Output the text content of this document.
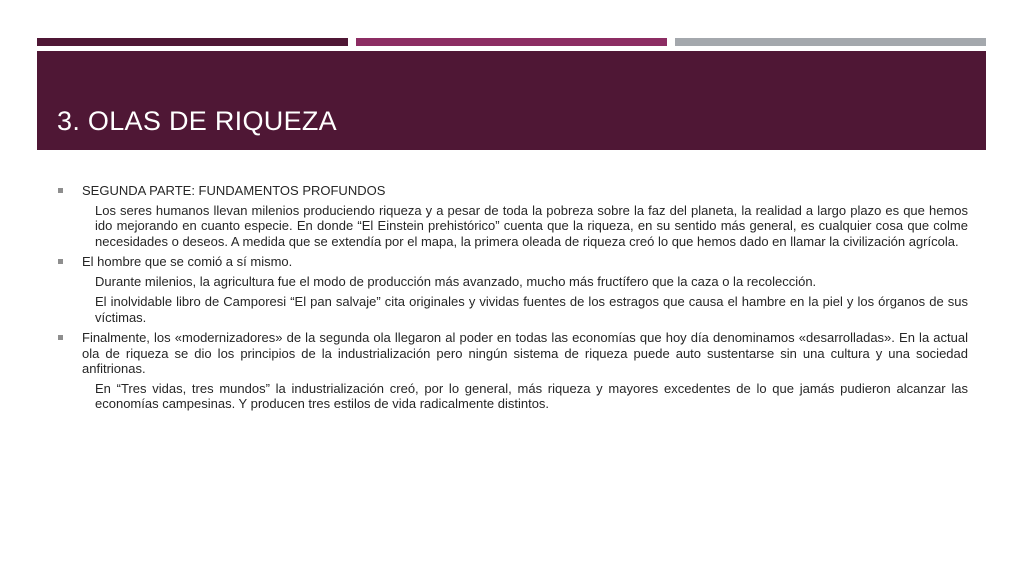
3. OLAS DE RIQUEZA
SEGUNDA PARTE: FUNDAMENTOS PROFUNDOS
Los seres humanos llevan milenios produciendo riqueza y a pesar de toda la pobreza sobre la faz del planeta, la realidad a largo plazo es que hemos ido mejorando en cuanto especie. En donde “El Einstein prehistórico” cuenta que la riqueza, en su sentido más general, es cualquier cosa que colme necesidades o deseos. A medida que se extendía por el mapa, la primera oleada de riqueza creó lo que hemos dado en llamar la civilización agrícola.
El hombre que se comió a sí mismo.
Durante milenios, la agricultura fue el modo de producción más avanzado, mucho más fructífero que la caza o la recolección.
El inolvidable libro de Camporesi “El pan salvaje” cita originales y vividas fuentes de los estragos que causa el hambre en la piel y los órganos de sus víctimas.
Finalmente, los «modernizadores» de la segunda ola llegaron al poder en todas las economías que hoy día denominamos «desarrolladas». En la actual ola de riqueza se dio los principios de la industrialización pero ningún sistema de riqueza puede auto sustentarse sin una cultura y una sociedad anfitrionas.
En “Tres vidas, tres mundos” la industrialización creó, por lo general, más riqueza y mayores excedentes de lo que jamás pudieron alcanzar las economías campesinas. Y producen tres estilos de vida radicalmente distintos.
